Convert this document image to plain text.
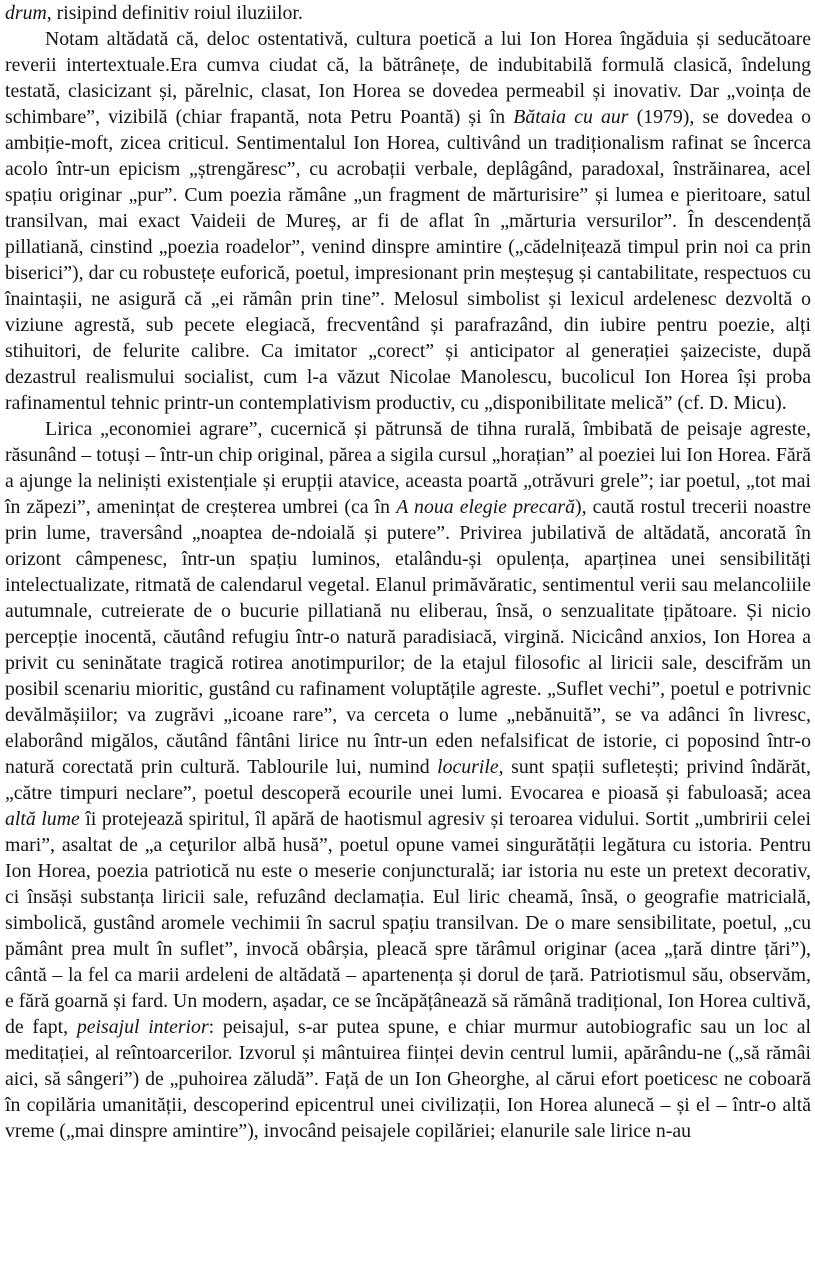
drum, risipind definitiv roiul iluziilor.

Notam altădată că, deloc ostentativă, cultura poetică a lui Ion Horea îngăduia și seducătoare reverii intertextuale.Era cumva ciudat că, la bătrânețe, de indubitabilă formulă clasică, îndelung testată, clasicizant și, părelnic, clasat, Ion Horea se dovedea permeabil și inovativ. Dar „voința de schimbare”, vizibilă (chiar frapantă, nota Petru Poantă) și în Bătaia cu aur (1979), se dovedea o ambiție-moft, zicea criticul. Sentimentalul Ion Horea, cultivând un tradiționalism rafinat se încerca acolo într-un epicism „ștrengăresc”, cu acrobații verbale, deplâgând, paradoxal, înstrăinarea, acel spațiu originar „pur”. Cum poezia rămâne „un fragment de mărturisire” și lumea e pieritoare, satul transilvan, mai exact Vaideii de Mureș, ar fi de aflat în „mărturia versurilor”. În descendență pillatiană, cinstind „poezia roadelor”, venind dinspre amintire („cădelnițează timpul prin noi ca prin biserici”), dar cu robustețe euforică, poetul, impresionant prin meșteșug și cantabilitate, respectuos cu înaintașii, ne asigură că „ei rămân prin tine”. Melosul simbolist și lexicul ardelenesc dezvoltă o viziune agrestă, sub pecete elegiacă, frecventând și parafrazând, din iubire pentru poezie, alți stihuitori, de felurite calibre. Ca imitator „corect” și anticipator al generației șaizeciste, după dezastrul realismului socialist, cum l-a văzut Nicolae Manolescu, bucolicul Ion Horea își proba rafinamentul tehnic printr-un contemplativism productiv, cu „disponibilitate melică” (cf. D. Micu).

Lirica „economiei agrare”, cucernică și pătrunsă de tihna rurală, îmbibată de peisaje agreste, răsunând – totuși – într-un chip original, părea a sigila cursul „horațian” al poeziei lui Ion Horea. Fără a ajunge la neliniști existențiale și erupții atavice, aceasta poartă „otrăvuri grele”; iar poetul, „tot mai în zăpezi”, amenințat de creșterea umbrei (ca în A noua elegie precară), caută rostul trecerii noastre prin lume, traversând „noaptea de-ndoială și putere”. Privirea jubilativă de altădată, ancorată în orizont câmpenesc, într-un spațiu luminos, etalându-și opulența, aparținea unei sensibilități intelectualizate, ritmată de calendarul vegetal. Elanul primăvăratic, sentimentul verii sau melancoliile autumnale, cutreierate de o bucurie pillatiană nu eliberau, însă, o senzualitate țipătoare. Și nicio percepție inocentă, căutând refugiu într-o natură paradisiacă, virgină. Nicicând anxios, Ion Horea a privit cu seninătate tragică rotirea anotimpurilor; de la etajul filosofic al liricii sale, descifrăm un posibil scenariu mioritic, gustând cu rafinament voluptățile agreste. „Suflet vechi”, poetul e potrivnic devălmășiilor; va zugrăvi „icoane rare”, va cerceta o lume „nebănuită”, se va adânci în livresc, elaborând migălos, căutând fântâni lirice nu într-un eden nefalsificat de istorie, ci poposind într-o natură corectată prin cultură. Tablourile lui, numind locurile, sunt spații sufletești; privind îndărăt, „către timpuri neclare”, poetul descoperă ecourile unei lumi. Evocarea e pioasă și fabuloasă; acea altă lume îi protejează spiritul, îl apără de haotismul agresiv și teroarea vidului. Sortit „umbririi celei mari”, asaltat de „a ceţurilor albă husă”, poetul opune vamei singurătății legătura cu istoria. Pentru Ion Horea, poezia patriotică nu este o meserie conjuncturală; iar istoria nu este un pretext decorativ, ci însăși substanța liricii sale, refuzând declamația. Eul liric cheamă, însă, o geografie matricială, simbolică, gustând aromele vechimii în sacrul spațiu transilvan. De o mare sensibilitate, poetul, „cu pământ prea mult în suflet”, invocă obârșia, pleacă spre tărâmul originar (acea „țară dintre țări”), cântă – la fel ca marii ardeleni de altădată – apartenența și dorul de țară. Patriotismul său, observăm, e fără goarnă și fard. Un modern, așadar, ce se încăpățânează să rămână tradițional, Ion Horea cultivă, de fapt, peisajul interior: peisajul, s-ar putea spune, e chiar murmur autobiografic sau un loc al meditației, al reîntoarcerilor. Izvorul și mântuirea ființei devin centrul lumii, apărându-ne („să rămâi aici, să sângeri”) de „puhoirea zăludă”. Față de un Ion Gheorghe, al cărui efort poeticesc ne coboară în copilăria umanității, descoperind epicentrul unei civilizații, Ion Horea alunecă – și el – într-o altă vreme („mai dinspre amintire”), invocând peisajele copilăriei; elanurile sale lirice n-au
